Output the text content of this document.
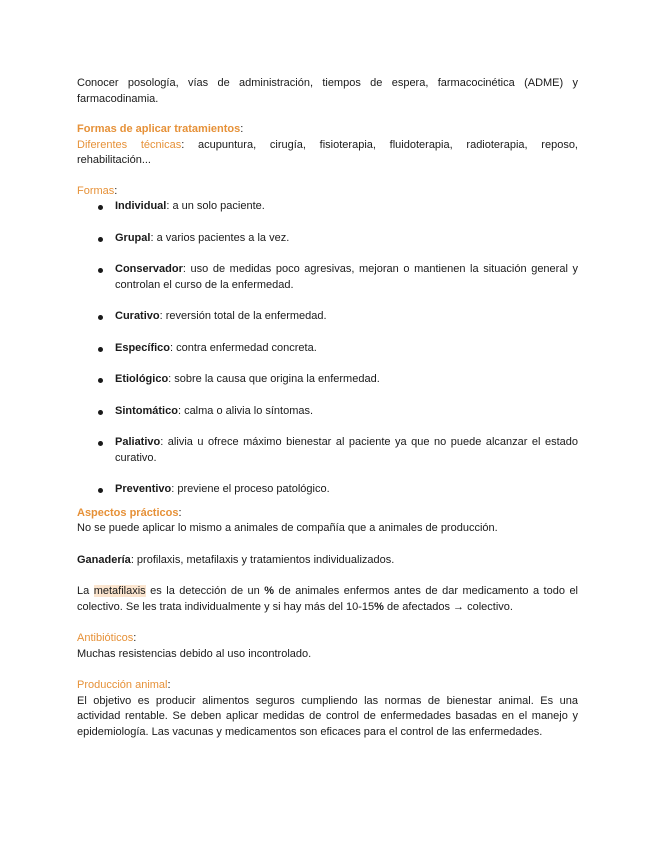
Conocer posología, vías de administración, tiempos de espera, farmacocinética (ADME) y farmacodinamia.

Formas de aplicar tratamientos:

Diferentes técnicas: acupuntura, cirugía, fisioterapia, fluidoterapia, radioterapia, reposo, rehabilitación...

Formas:

Individual: a un solo paciente.
Grupal: a varios pacientes a la vez.
Conservador: uso de medidas poco agresivas, mejoran o mantienen la situación general y controlan el curso de la enfermedad.
Curativo: reversión total de la enfermedad.
Específico: contra enfermedad concreta.
Etiológico: sobre la causa que origina la enfermedad.
Sintomático: calma o alivia lo síntomas.
Paliativo: alivia u ofrece máximo bienestar al paciente ya que no puede alcanzar el estado curativo.
Preventivo: previene el proceso patológico.

Aspectos prácticos:

No se puede aplicar lo mismo a animales de compañía que a animales de producción.

Ganadería: profilaxis, metafilaxis y tratamientos individualizados.

La metafilaxis es la detección de un % de animales enfermos antes de dar medicamento a todo el colectivo. Se les trata individualmente y si hay más del 10-15% de afectados → colectivo.

Antibióticos:

Muchas resistencias debido al uso incontrolado.

Producción animal:

El objetivo es producir alimentos seguros cumpliendo las normas de bienestar animal. Es una actividad rentable. Se deben aplicar medidas de control de enfermedades basadas en el manejo y epidemiología. Las vacunas y medicamentos son eficaces para el control de las enfermedades.
